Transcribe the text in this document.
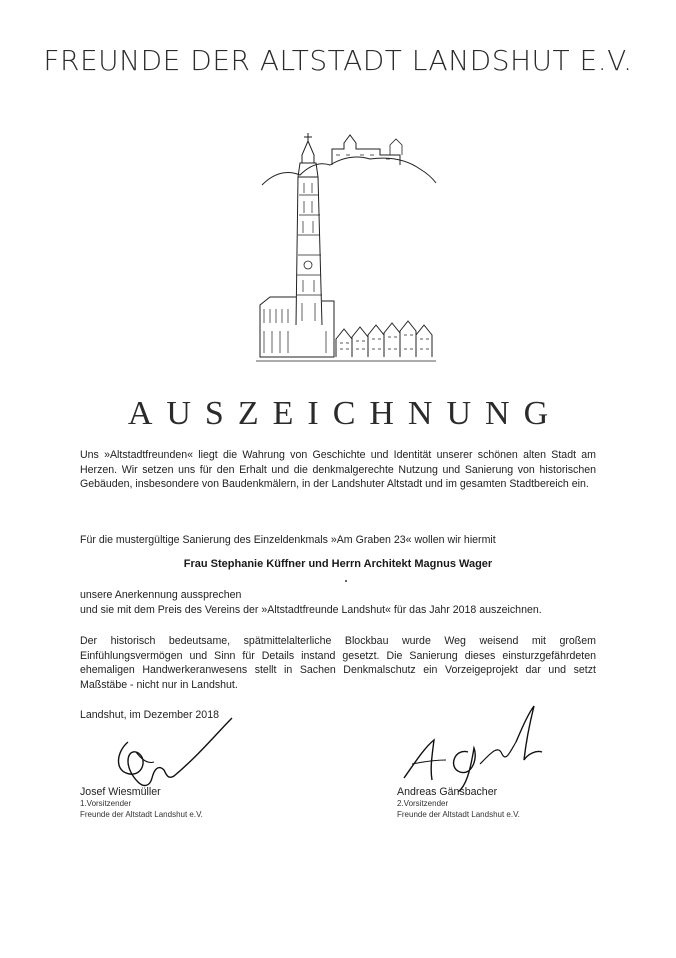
FREUNDE DER ALTSTADT LANDSHUT E.V.
AUSZEICHNUNG
Uns »Altstadtfreunden« liegt die Wahrung von Geschichte und Identität unserer schönen alten Stadt am Herzen. Wir setzen uns für den Erhalt und die denkmalgerechte Nutzung und Sanierung von historischen Gebäuden, insbesondere von Baudenkmälern, in der Landshuter Altstadt und im gesamten Stadtbereich ein.
Für die mustergültige Sanierung des Einzeldenkmals »Am Graben 23« wollen wir hiermit
Frau Stephanie Küffner und Herrn Architekt Magnus Wager
unsere Anerkennung aussprechen
und sie mit dem Preis des Vereins der »Altstadtfreunde Landshut« für das Jahr 2018 auszeichnen.
Der historisch bedeutsame, spätmittelalterliche Blockbau wurde Weg weisend mit großem Einfühlungsvermögen und Sinn für Details instand gesetzt. Die Sanierung dieses einsturzgefährdeten ehemaligen Handwerkeranwesens stellt in Sachen Denkmalschutz ein Vorzeigeprojekt dar und setzt Maßstäbe - nicht nur in Landshut.
Landshut, im Dezember 2018
Josef Wiesmüller
1.Vorsitzender
Freunde der Altstadt Landshut e.V.
Andreas Gänsbacher
2.Vorsitzender
Freunde der Altstadt Landshut e.V.
